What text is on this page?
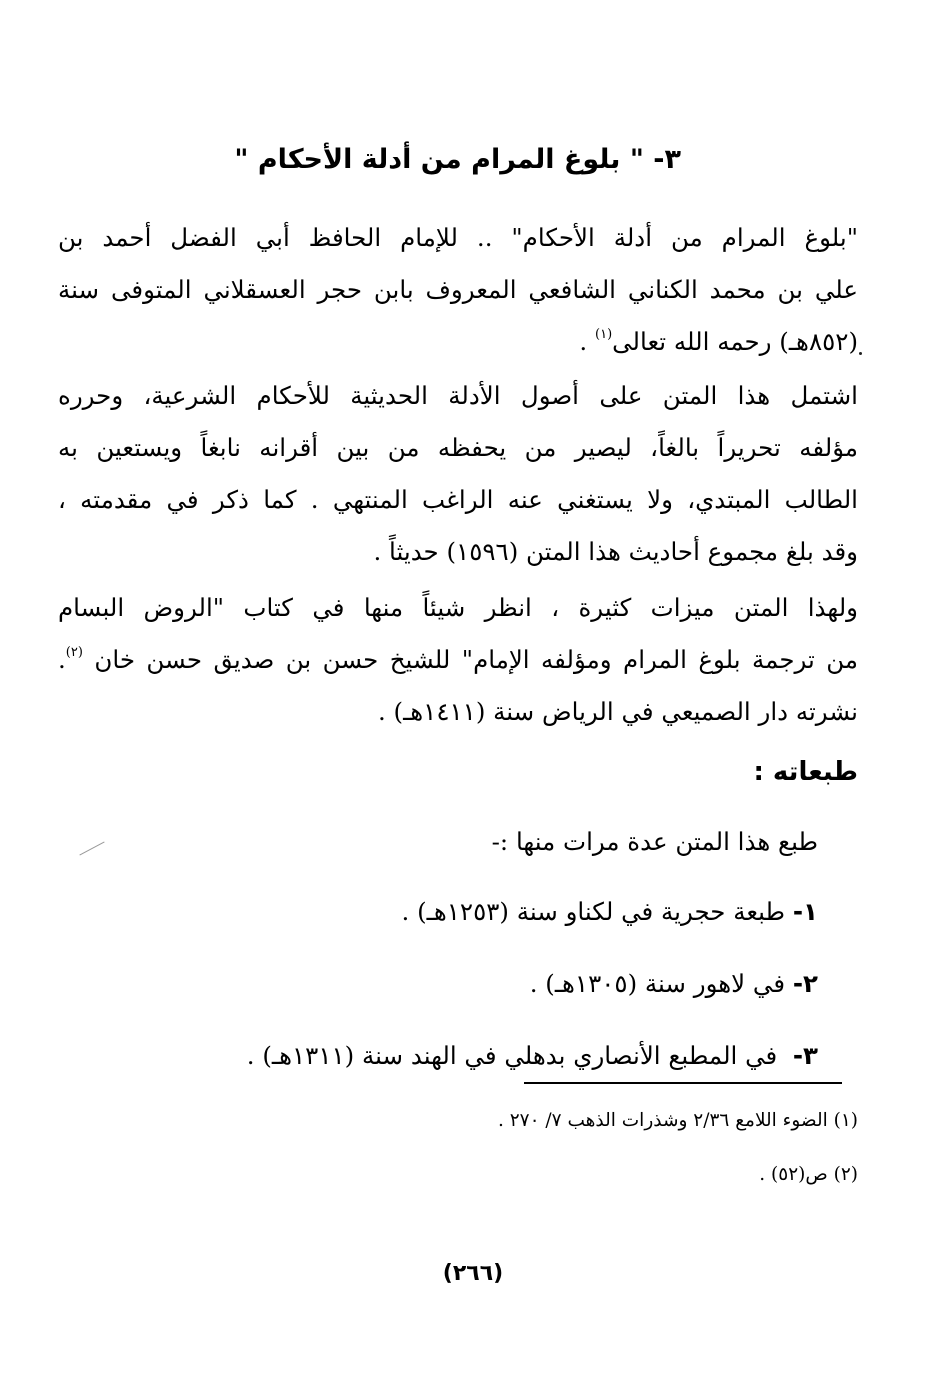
٣- " بلوغ المرام من أدلة الأحكام "
"بلوغ المرام من أدلة الأحكام" .. للإمام الحافظ أبي الفضل أحمد بن
علي بن محمد الكناني الشافعي المعروف بابن حجر العسقلاني المتوفى سنة
(٨٥٢هـ) رحمه الله تعالى$^{(١)}$ .
اشتمل هذا المتن على أصول الأدلة الحديثية للأحكام الشرعية، وحرره
مؤلفه تحريراً بالغاً، ليصير من يحفظه من بين أقرانه نابغاً ويستعين به
الطالب المبتدي، ولا يستغني عنه الراغب المنتهي . كما ذكر في مقدمته ،
وقد بلغ مجموع أحاديث هذا المتن (١٥٩٦) حديثاً .
ولهذا المتن ميزات كثيرة ، انظر شيئاً منها في كتاب "الروض البسام
من ترجمة بلوغ المرام ومؤلفه الإمام" للشيخ حسن بن صديق حسن خان $^{(٢)}$.
نشرته دار الصميعي في الرياض سنة (١٤١١هـ) .
طبعاته :
طبع هذا المتن عدة مرات منها :-
١- طبعة حجرية في لكناو سنة (١٢٥٣هـ) .
٢- في لاهور سنة (١٣٠٥هـ) .
٣-  في المطبع الأنصاري بدهلي في الهند سنة (١٣١١هـ) .
(١) الضوء اللامع ٢/٣٦ وشذرات الذهب ٧/ ٢٧٠ .
(٢) ص(٥٢) .
(٢٦٦)
